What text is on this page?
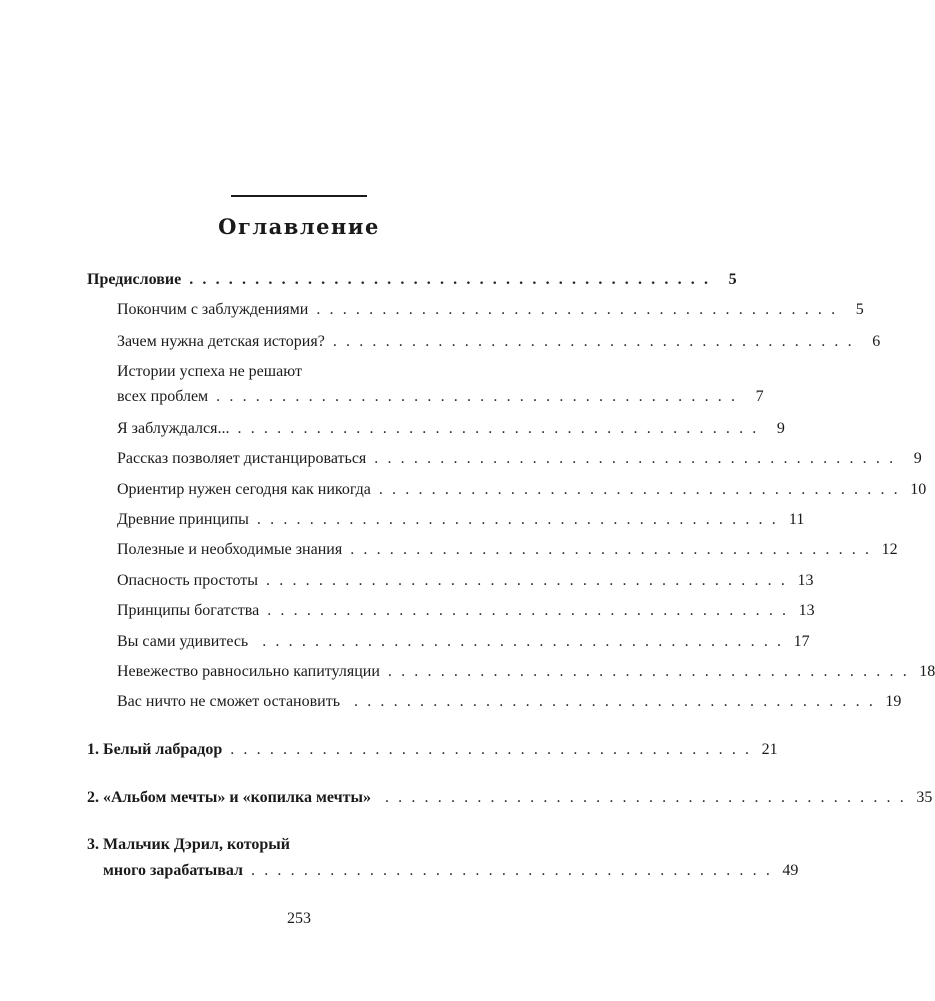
Оглавление
Предисловие . . . . . . . . . . . . . . . . . . . . . . . . . . . . . . . . . . . . . . . .	5
Покончим с заблуждениями . . . . . . . . . . . . . . . . . . . . . . . . . . . . . . . . . . . . . . . .	5
Зачем нужна детская история? . . . . . . . . . . . . . . . . . . . . . . . . . . . . . . . . . . . . . . . .	6
Истории успеха не решают
всех проблем . . . . . . . . . . . . . . . . . . . . . . . . . . . . . . . . . . . . . . . .	7
Я заблуждался... . . . . . . . . . . . . . . . . . . . . . . . . . . . . . . . . . . . . . . . .	9
Рассказ позволяет дистанцироваться . . . . . . . . . . . . . . . . . . . . . . . . . . . . . . . . . . . . . . . .	9
Ориентир нужен сегодня как никогда . . . . . . . . . . . . . . . . . . . . . . . . . . . . . . . . . . . . . . . . 10
Древние принципы . . . . . . . . . . . . . . . . . . . . . . . . . . . . . . . . . . . . . . . . 11
Полезные и необходимые знания . . . . . . . . . . . . . . . . . . . . . . . . . . . . . . . . . . . . . . . . 12
Опасность простоты . . . . . . . . . . . . . . . . . . . . . . . . . . . . . . . . . . . . . . . . 13
Принципы богатства . . . . . . . . . . . . . . . . . . . . . . . . . . . . . . . . . . . . . . . . 13
Вы сами удивитесь . . . . . . . . . . . . . . . . . . . . . . . . . . . . . . . . . . . . . . . . 17
Невежество равносильно капитуляции . . . . . . . . . . . . . . . . . . . . . . . . . . . . . . . . . . . . . . . . 18
Вас ничто не сможет остановить . . . . . . . . . . . . . . . . . . . . . . . . . . . . . . . . . . . . . . . . 19
1. Белый лабрадор . . . . . . . . . . . . . . . . . . . . . . . . . . . . . . . . . . . . . . . . 21
2. «Альбом мечты» и «копилка мечты» . . . . . . . . . . . . . . . . . . . . . . . . . . . . . . . . . . . . . . . . 35
3. Мальчик Дэрил, который
много зарабатывал . . . . . . . . . . . . . . . . . . . . . . . . . . . . . . . . . . . . . . . . 49
253
